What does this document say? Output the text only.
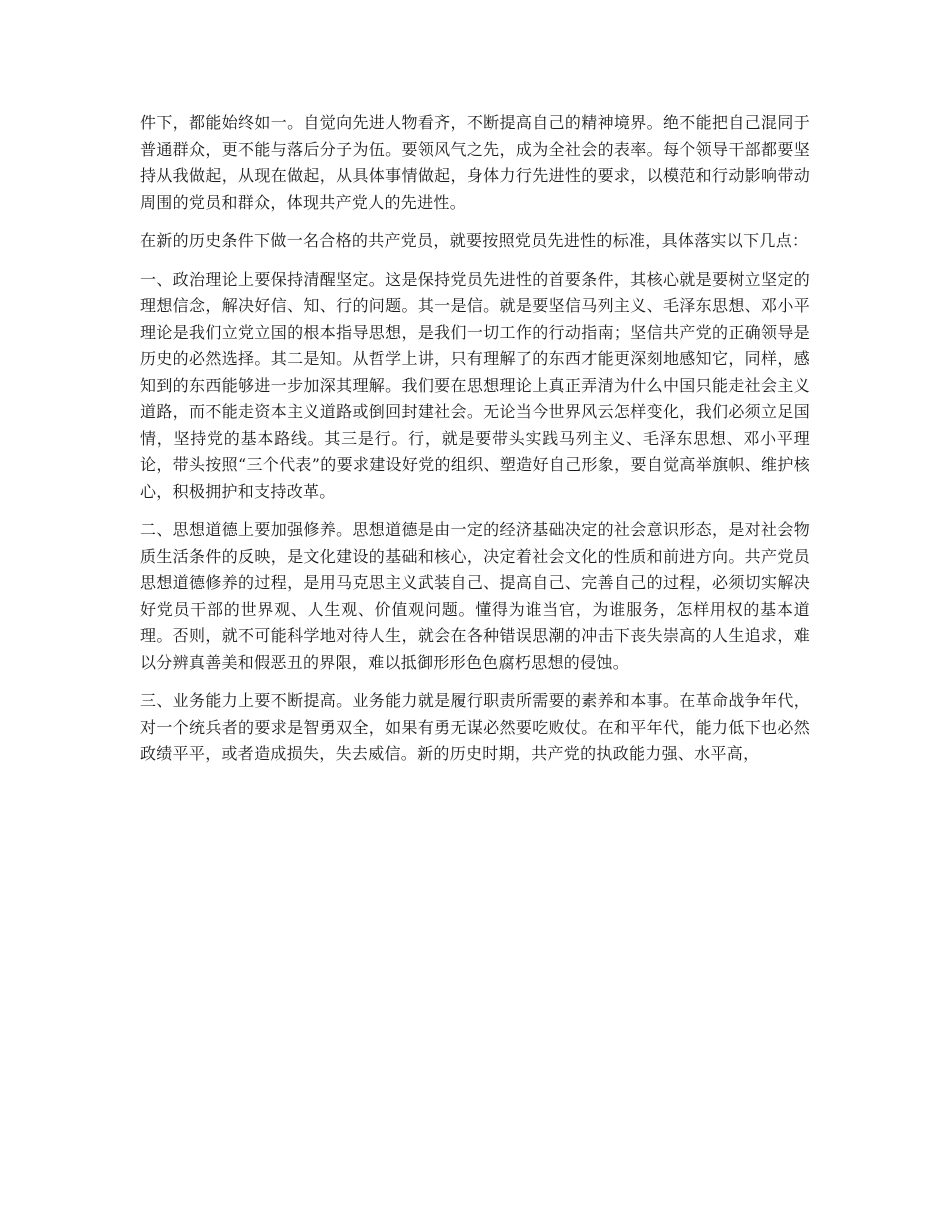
件下，都能始终如一。自觉向先进人物看齐，不断提高自己的精神境界。绝不能把自己混同于普通群众，更不能与落后分子为伍。要领风气之先，成为全社会的表率。每个领导干部都要坚持从我做起，从现在做起，从具体事情做起，身体力行先进性的要求，以模范和行动影响带动周围的党员和群众，体现共产党人的先进性。

在新的历史条件下做一名合格的共产党员，就要按照党员先进性的标准，具体落实以下几点：

一、政治理论上要保持清醒坚定。这是保持党员先进性的首要条件，其核心就是要树立坚定的理想信念，解决好信、知、行的问题。其一是信。就是要坚信马列主义、毛泽东思想、邓小平理论是我们立党立国的根本指导思想，是我们一切工作的行动指南；坚信共产党的正确领导是历史的必然选择。其二是知。从哲学上讲，只有理解了的东西才能更深刻地感知它，同样，感知到的东西能够进一步加深其理解。我们要在思想理论上真正弄清为什么中国只能走社会主义道路，而不能走资本主义道路或倒回封建社会。无论当今世界风云怎样变化，我们必须立足国情，坚持党的基本路线。其三是行。行，就是要带头实践马列主义、毛泽东思想、邓小平理论，带头按照“三个代表”的要求建设好党的组织、塑造好自己形象，要自觉高举旗帜、维护核心，积极拥护和支持改革。

二、思想道德上要加强修养。思想道德是由一定的经济基础决定的社会意识形态，是对社会物质生活条件的反映，是文化建设的基础和核心，决定着社会文化的性质和前进方向。共产党员思想道德修养的过程，是用马克思主义武装自己、提高自己、完善自己的过程，必须切实解决好党员干部的世界观、人生观、价值观问题。懂得为谁当官，为谁服务，怎样用权的基本道理。否则，就不可能科学地对待人生，就会在各种错误思潮的冲击下丧失崇高的人生追求，难以分辨真善美和假恶丑的界限，难以抵御形形色色腐朽思想的侵蚀。

三、业务能力上要不断提高。业务能力就是履行职责所需要的素养和本事。在革命战争年代，对一个统兵者的要求是智勇双全，如果有勇无谋必然要吃败仗。在和平年代，能力低下也必然政绩平平，或者造成损失，失去威信。新的历史时期，共产党的执政能力强、水平高，
